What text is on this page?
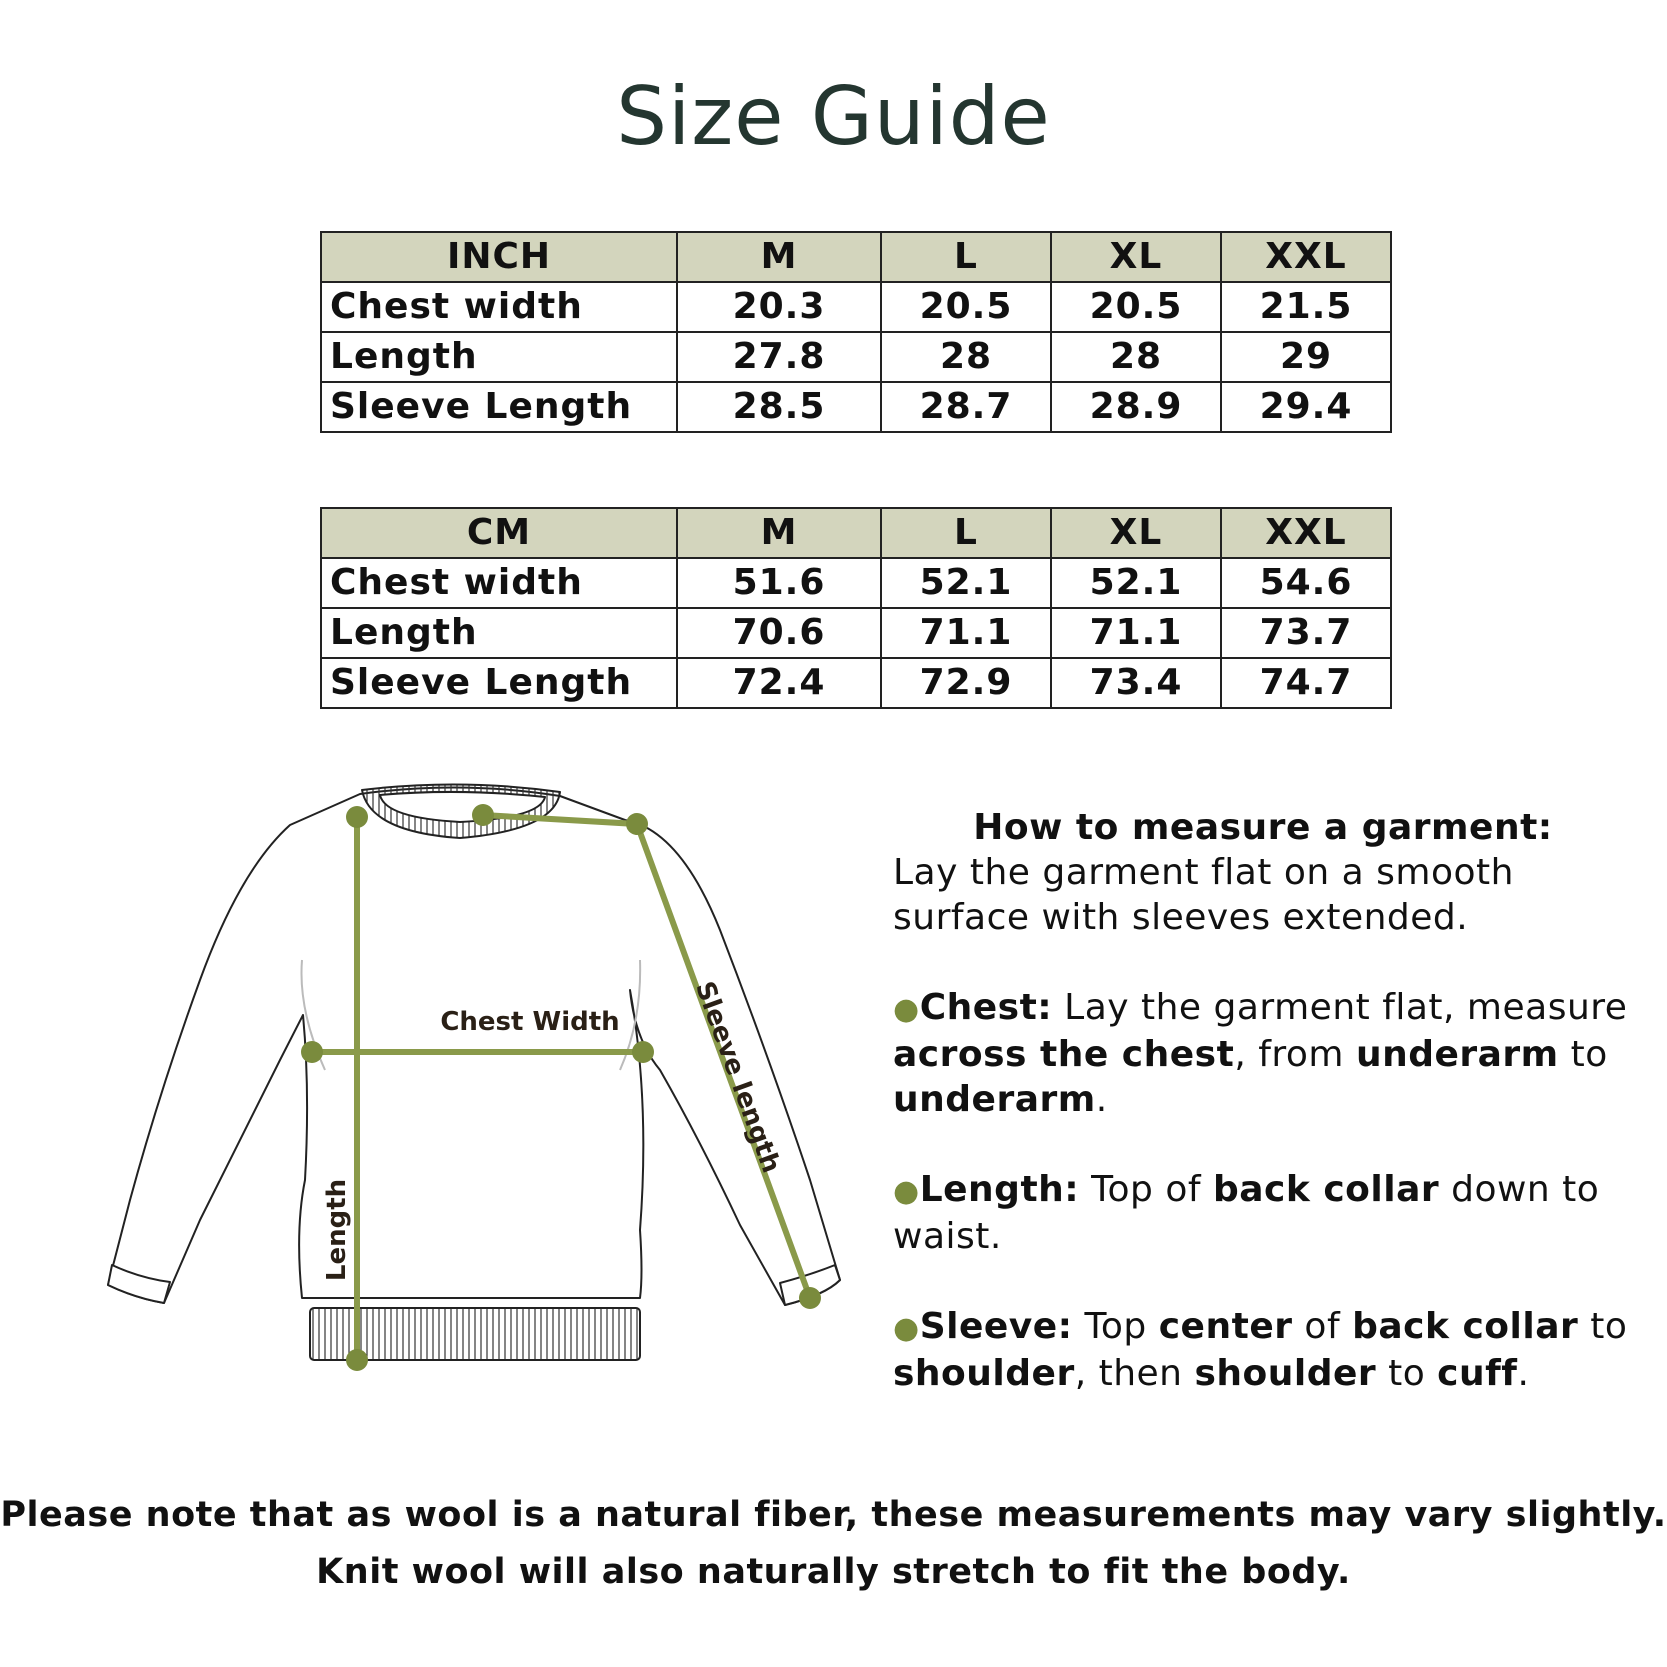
Size Guide
INCH	M	L	XL	XXL
Chest width	20.3	20.5	20.5	21.5
Length	27.8	28	28	29
Sleeve Length	28.5	28.7	28.9	29.4
CM	M	L	XL	XXL
Chest width	51.6	52.1	52.1	54.6
Length	70.6	71.1	71.1	73.7
Sleeve Length	72.4	72.9	73.4	74.7
Chest Width
Length
Sleeve length

How to measure a garment:

Lay the garment flat on a smooth surface with sleeves extended.

●Chest: Lay the garment flat, measure across the chest, from underarm to underarm.

●Length: Top of back collar down to waist.

●Sleeve: Top center of back collar to shoulder, then shoulder to cuff.

Please note that as wool is a natural fiber, these measurements may vary slightly.
Knit wool will also naturally stretch to fit the body.
